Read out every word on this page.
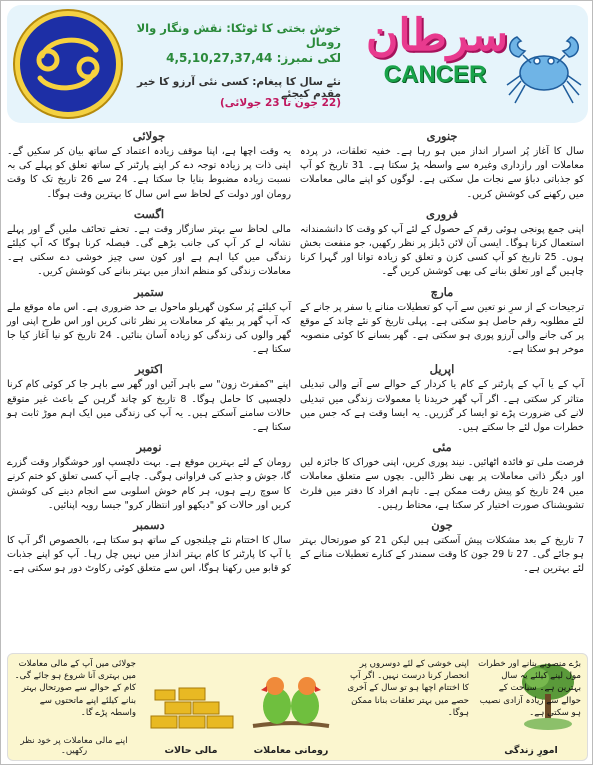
خوش بختی کا ٹوٹکا: نقش ونگار والا رومال
لکی نمبرز: 4,5,10,27,37,44
نئے سال کا پیغام: کسی نئی آرزو کا خیر مقدم کیجئے
(22 جون تا 23 جولائی)
سرطان
CANCER
جنوری
سال کا آغاز پُر اسرار انداز میں ہو رہا ہے۔ خفیہ تعلقات، در پردہ معاملات اور رازداری وغیرہ سے واسطہ پڑ سکتا ہے۔ 31 تاریخ کو آپ کو جذباتی دباؤ سے نجات مل سکتی ہے۔ لوگوں کو اپنے مالی معاملات میں رکھنے کی کوشش کریں۔
فروری
اپنی جمع پونجی ہوئی رقم کے حصول کے لئے آپ کو وقت کا دانشمندانہ استعمال کرنا ہوگا۔ ایسی آن لائن ڈیلز پر نظر رکھیں، جو منفعت بخش ہوں۔ 25 تاریخ کو آپ کسی کزن و تعلق کو زیادہ توانا اور گہرا کرنا چاہیں گے اور تعلق بنانے کی بھی کوشش کریں گے۔
مارچ
ترجیحات کے از سرِ نو تعین سے آپ کو تعطیلات منانے یا سفر پر جانے کے لئے مطلوبہ رقم حاصل ہو سکتی ہے۔ پہلی تاریخ کو نئے چاند کے موقع پر کی جانے والی آرزو پوری ہو سکتی ہے۔ گھر بسانے کا کوئی منصوبہ موخر ہو سکتا ہے۔
اپریل
آپ کے یا آپ کے پارٹنر کے کام یا کردار کے حوالے سے آنے والی تبدیلی متاثر کر سکتی ہے۔ اگر آپ گھر خریدنا یا معمولات زندگی میں تبدیلی لانے کی ضرورت پڑے تو ایسا کر گزریں۔ یہ ایسا وقت ہے کہ جس میں خطرات مول لئے جا سکتے ہیں۔
مئی
فرصت ملی تو فائدہ اٹھائیں۔ نیند پوری کریں، اپنی خوراک کا جائزہ لیں اور دیگر ذاتی معاملات پر بھی نظر ڈالیں۔ بچوں سے متعلق معاملات میں 24 تاریخ کو پیش رفت ممکن ہے۔ تاہم افراد کا دفتر میں فلرٹ تشویشناک صورت اختیار کر سکتا ہے، محتاط رہیں۔
جون
7 تاریخ کے بعد مشکلات پیش آسکتی ہیں لیکن 21 کو صورتحال بہتر ہو جائے گی۔ 27 تا 29 جون کا وقت سمندر کے کنارے تعطیلات منانے کے لئے بہترین ہے۔
جولائی
یہ وقت اچھا ہے، اپنا موقف زیادہ اعتماد کے ساتھ بیان کر سکیں گے۔ اپنی ذات پر زیادہ توجہ دے کر اپنے پارٹنر کے ساتھ تعلق کو پہلے کی بہ نسبت زیادہ مضبوط بنایا جا سکتا ہے۔ 24 سے 26 تاریخ تک کا وقت رومان اور دولت کے لحاظ سے اس سال کا بہترین وقت ہوگا۔
اگست
مالی لحاظ سے بہتر سازگار وقت ہے۔ تحفے تحائف ملیں گے اور پہلے نشانہ لے کر آپ کی جانب بڑھے گی۔ فیصلہ کرنا ہوگا کہ آپ کیلئے زندگی میں کیا اہم ہے اور کون سی چیز خوشی دے سکتی ہے۔ معاملات زندگی کو منظم انداز میں بہتر بنانے کی کوشش کریں۔
ستمبر
آپ کیلئے پُر سکون گھریلو ماحول بے حد ضروری ہے۔ اس ماہ موقع ملے کہ آپ گھر پر بیٹھ کر معاملات پر نظر ثانی کریں اور اس طرح اپنی اور گھر والوں کی زندگی کو زیادہ آسان بنائیں۔ 24 تاریخ کو نیا آغاز کیا جا سکتا ہے۔
اکتوبر
اپنے "کمفرٹ زون" سے باہر آئیں اور گھر سے باہر جا کر کوئی کام کرنا دلچسپی کا حامل ہوگا۔ 8 تاریخ کو چاند گرہن کے باعث غیر متوقع حالات سامنے آسکتے ہیں۔ یہ آپ کی زندگی میں ایک اہم موڑ ثابت ہو سکتا ہے۔
نومبر
رومان کے لئے بہترین موقع ہے۔ بہت دلچسپ اور خوشگوار وقت گزرے گا، جوش و جذبے کی فراوانی ہوگی۔ چاہے آپ کسی تعلق کو ختم کرنے کا سوچ رہے ہوں، ہر کام خوش اسلوبی سے انجام دینے کی کوشش کریں اور حالات کو "دیکھو اور انتظار کرو" جیسا رویہ اپنائیں۔
دسمبر
سال کا اختتام نئے چیلنجوں کے ساتھ ہو سکتا ہے، بالخصوص اگر آپ کا یا آپ کا پارٹنر کا کام بہتر انداز میں نہیں چل رہا۔ آپ کو اپنے جذبات کو قابو میں رکھنا ہوگا، اس سے متعلق کوئی رکاوٹ دور ہو سکتی ہے۔
بڑے منصوبے بنانے اور خطرات مول لینے کیلئے یہ سال بہترین ہے۔ سیاحت کے حوالے سے زیادہ آزادی نصیب ہو سکتی ہے۔
امورِ زندگی
اپنی خوشی کے لئے دوسروں پر انحصار کرنا درست نہیں۔ اگر آپ کا اختتام اچھا ہو تو سال کے آخری حصے میں بہتر تعلقات بنانا ممکن ہوگا۔
رومانی معاملات
مالی حالات
جولائی میں آپ کے مالی معاملات میں بہتری آنا شروع ہو جائے گی۔ کام کے حوالے سے صورتحال بہتر بنانے کیلئے اپنے ماتحتوں سے واسطہ پڑے گا۔
اپنے مالی معاملات پر خود نظر رکھیں۔
